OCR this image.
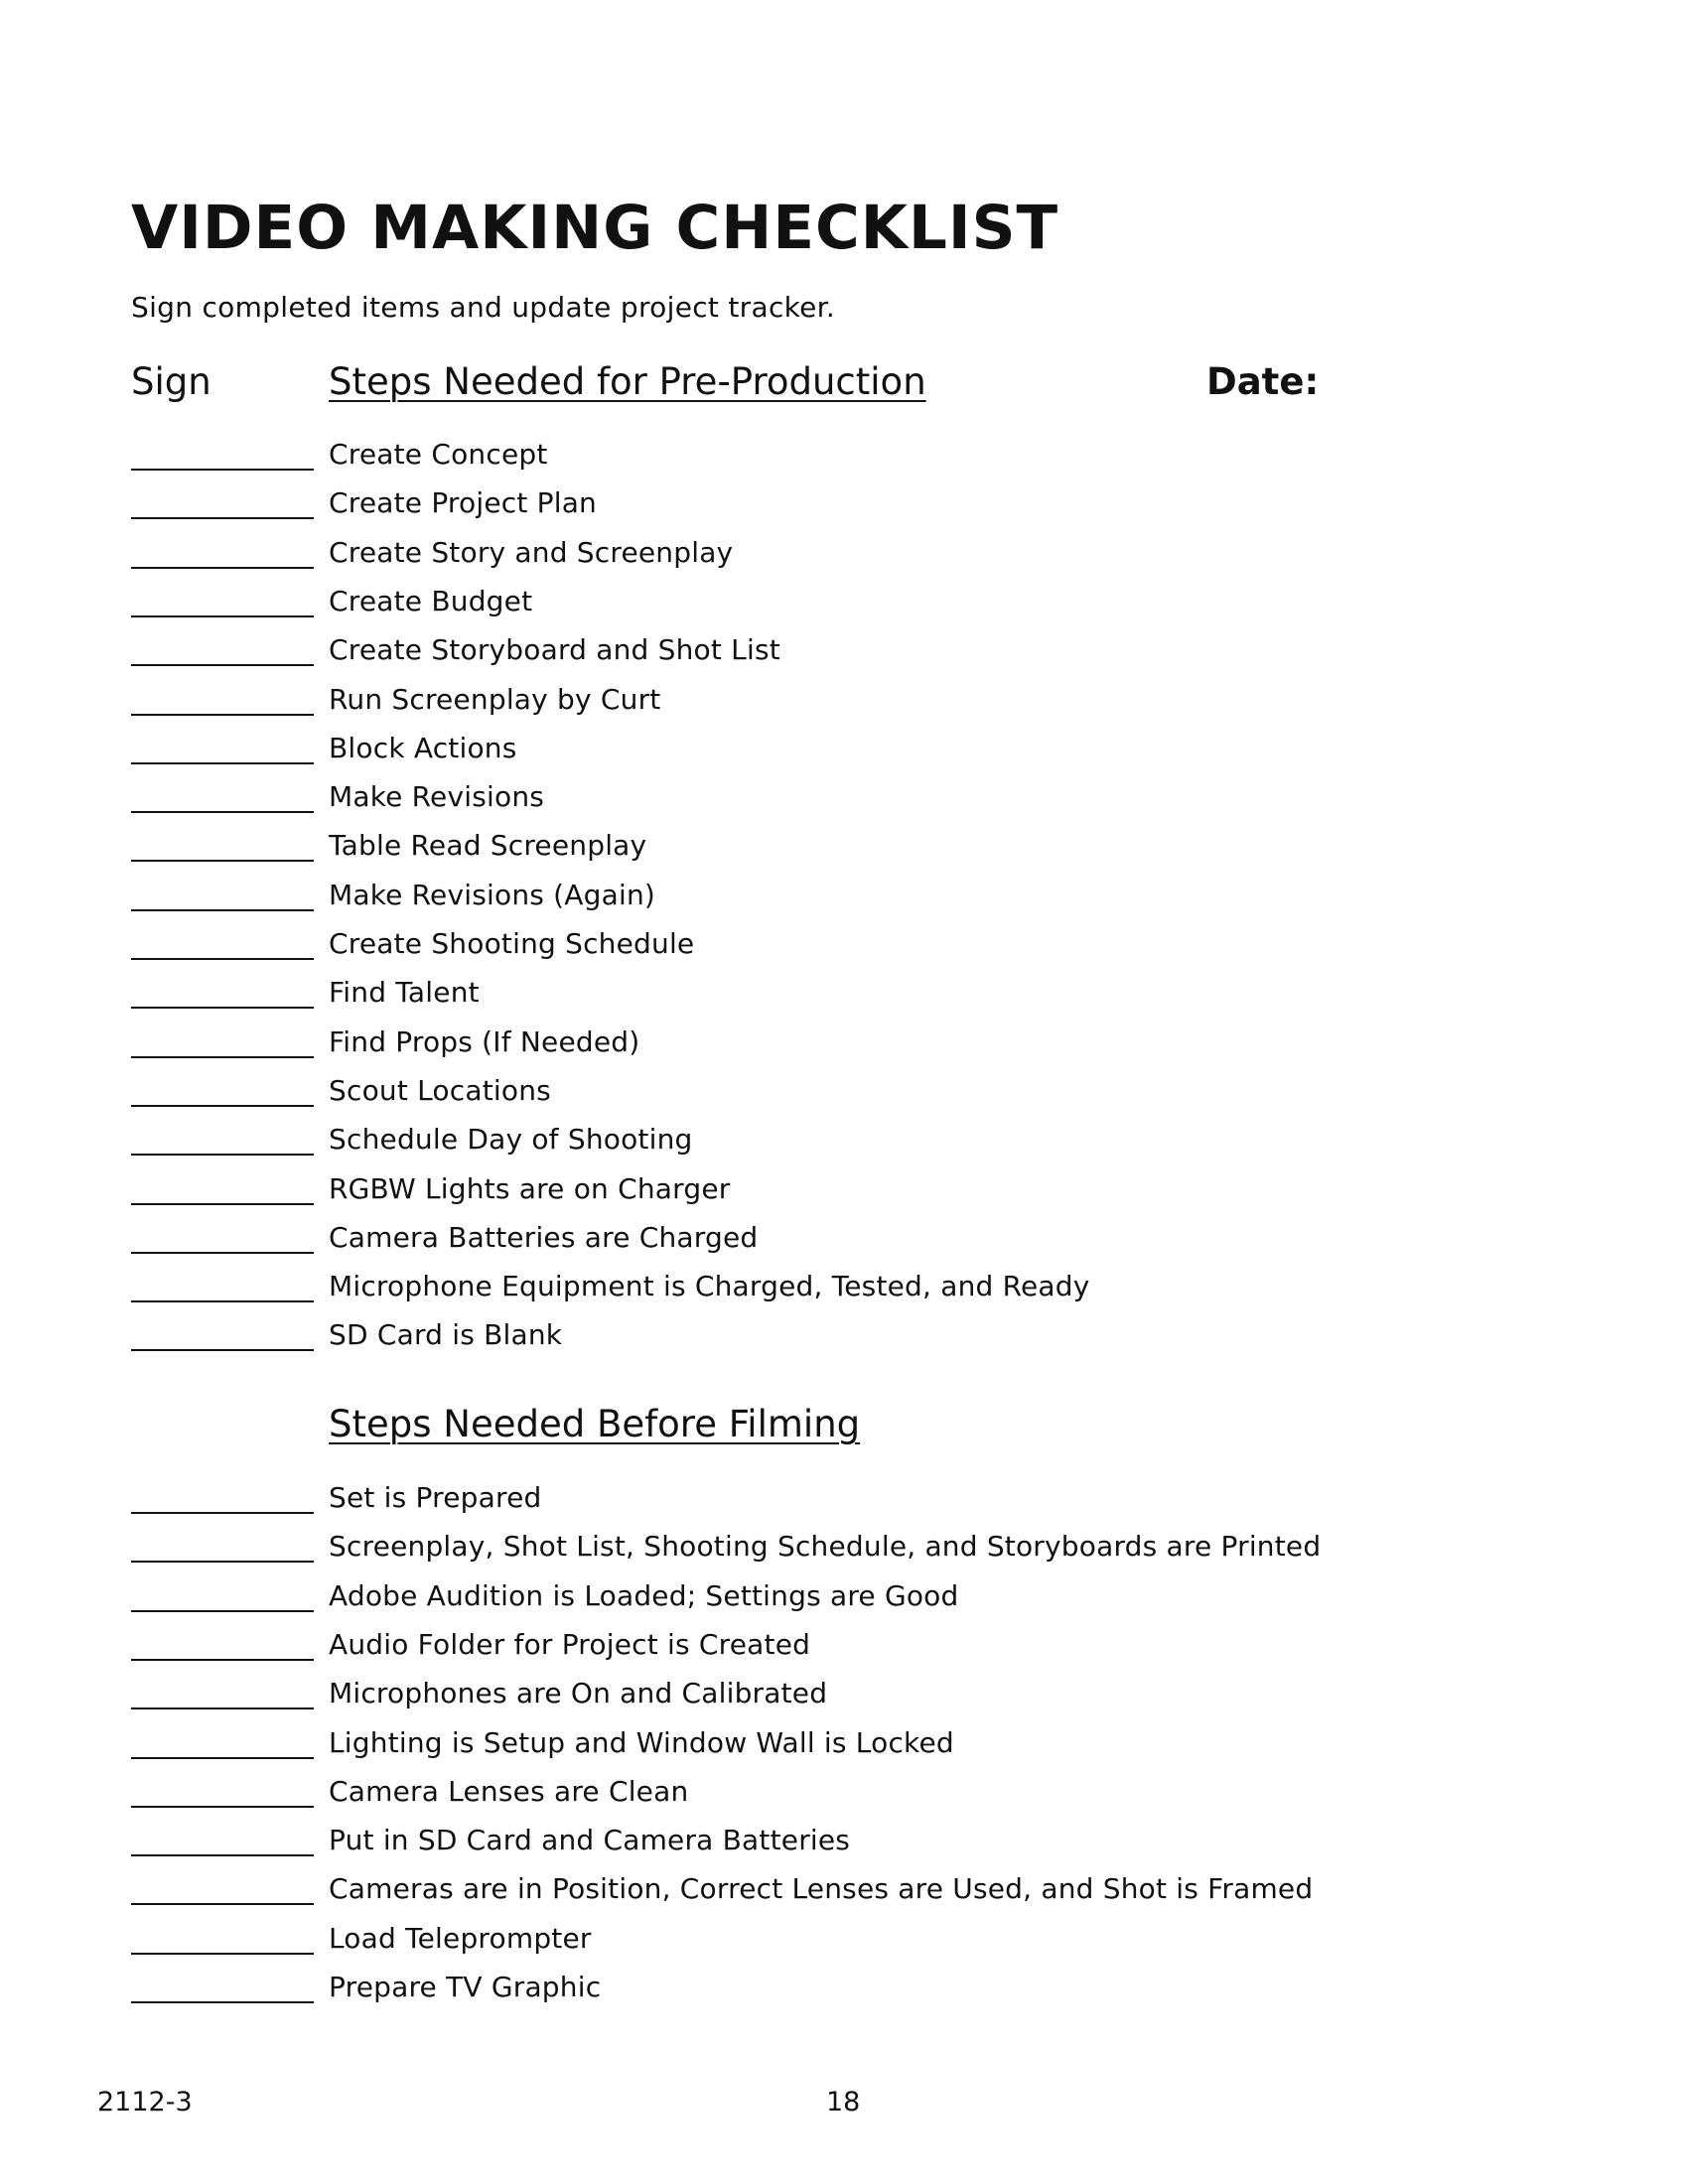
VIDEO MAKING CHECKLIST
Sign completed items and update project tracker.
Sign	Date:
Steps Needed for Pre-Production
Steps Needed Before Filming
Create Concept
Create Project Plan
Create Story and Screenplay
Create Budget
Create Storyboard and Shot List
Run Screenplay by Curt
Block Actions
Make Revisions
Table Read Screenplay
Make Revisions (Again)
Create Shooting Schedule
Find Talent
Find Props (If Needed)
Scout Locations
Schedule Day of Shooting
RGBW Lights are on Charger
Camera Batteries are Charged
Microphone Equipment is Charged, Tested, and Ready
SD Card is Blank
Set is Prepared
Screenplay, Shot List, Shooting Schedule, and Storyboards are Printed
Adobe Audition is Loaded; Settings are Good
Audio Folder for Project is Created
Microphones are On and Calibrated
Lighting is Setup and Window Wall is Locked
Camera Lenses are Clean
Put in SD Card and Camera Batteries
Cameras are in Position, Correct Lenses are Used, and Shot is Framed
Load Teleprompter
Prepare TV Graphic
2112-3	18
